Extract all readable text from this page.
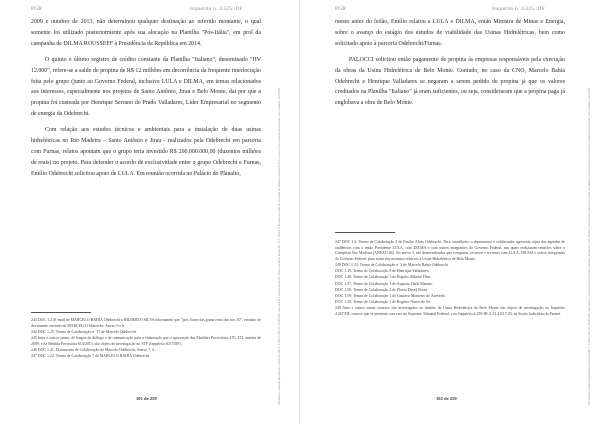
PGR	Inquérito n. 4.325 /DF

2009 e outubro de 2013, não determinou qualquer destinação ao referido montante, o qual somente foi utilizado posteriormente após sua alocação na Planilha "Pós-Itália", em prol da campanha de DILMA ROUSSEFF à Presidência da República em 2014.

O quinto e último registro de crédito constante da Planilha "Italiano", denominado "HV 12.000", refere-se a saldo de propina de R$ 12 milhões em decorrência da frequente interlocução feita pelo grupo (junto ao Governo Federal, inclusive LULA e DILMA, em temas relacionados aos interesses, especialmente nos projetos de Santo Antônio, Jirau e Belo Monte, dai por que a propina foi custeada por Henrique Serrano do Prado Valladares, Líder Empresarial no segmento de energia da Odebrecht.

Com relação aos estudos técnicos e ambientais para a instalação de duas usinas hidrelétricas no Rio Madeira – Santo Antônio e Jirau - realizados pela Odebrecht em parceria com Furnas, relatos apontam que o grupo teria investido R$ 200.000.000,00 (duzentos milhões de reais) no projeto. Para defender o acordo de exclusividade entre o grupo Odebrecht e Furnas, Emílio Odebrecht solicitou apoio de LULA. Em reunião ocorrida no Palácio do Planalto,

243 DOC 1.2 (E-mail de MARCELO BAHIA Odebrecht a HILBERTO SILVA informando que "pois baixe das grana reais dos nos 10", enviado de documento enviado de MARCELO Odebrecht, Anexo 6 e 6.
244 DOC 1.25: Termo de Colaboração nº 17 de Marcelo Odebrecht.
245 Inter e outros sinais, de longos de diálogo e de comunicação para a elaboração que o aprovação das Medidas Provisórias 470, 472, antiáes de 2009, e da Medida Provisória 613/2013, são objeto de investigação no STF (Inquérito 4017/DF).
246 DOC 1.21: Documento de Colaboração de Marcelo Odebrecht, Anexo 7, A.
247 DOC 1.22: Termo de Colaboração 7 de MARCELO BAHIA Odebrecht.
101 de 259	Documento assinado digitalmente conforme MP nº 2.200-2/2001 de 24/08/2001 que institui a Infraestrutura de Chaves Públicas Brasileira - ICP-Brasil. O documento pode ser acessado no endereço eletrônico http://www.stf.jus.br/portal/autenticacao/ sob o número 14232589
PGR	Inquérito n. 4.325 /DF

meses antes do leilão, Emílio relatou a LULA e DILMA, então Ministra de Minas e Energia, sobre o avanço do estágio dos estudos de viabilidade das Usinas Hidrelétricas, bem como solicitado apoio à parceria Odebrecht/Furnas.

PALOCCI solicitou então pagamento de propina às empresas responsáveis pela execução da obras da Usina Hidrelétrica de Belo Monte. Contudo, no caso da CNO, Marcelo Bahia Odebrecht e Henrique Valladares se negaram a serem pedido de propina já que os valores creditados na Planilha "Italiano" já eram suficientes, ou seja, consideraram que a propina paga já englobava a obra de Belo Monte.

247 DOC 1.2: Termo de Colaboração 4 de Emílio Alves Odebrecht. Para conselheiro o depoimento e colaborador apresenta cópia das agendas de audiências com o então Presidente LULA, com DILMA e com outros integrantes do Governo Federal, nas quais realizaram reuniões sobre o Complexo Rio Madeira (ANEXO 04). No anexo 5, são desmembrados que computos, recursos e recursos com LULA, DILMA e outros integrantes do Governo Federal, para tratar dos assuntos relatives à Usina Hidrelétrica de Belo Monte.
248 DOC 1.23: Termo de Colaboração nº 2 de Marcelo Bahia Odebrecht.
DOC 1.19: Termo de Colaboração 8 de Henrique Valladares.
DOC 1.28: Termo de Colaboração 1 de Rogério Ribeiro Dias.
DOC 1.57: Termo de Colaboração 3 de Augusto Dalla Mastrio.
DOC 1.58: Termo de Colaboração 2 de Flavio David Barra.
DOC 1.59: Termo de Colaboração 1 de Gustavo Monteiro do Azevedo.
DOC 1.25: Termo de Colaboração 1 de Rogério Nunes de Sá.
249 Inter e outros sinais conexos são investigados no âmbito da Usina Hidrelétrica de Belo Monte são objeto de investigação no Inquérito 4.267/DF, conexo que se presente com este no Supremo Tribunal Federal, e no Inquérito 4.258-88.A.13.4.04.7.03, na Seção Judiciária do Paraná.
102 de 259	Documento assinado digitalmente conforme MP nº 2.200-2/2001 de 24/08/2001 que institui a Infraestrutura de Chaves Públicas Brasileira - ICP-Brasil. O documento pode ser acessado no endereço eletrônico http://www.stf.jus.br/portal/autenticacao/ sob o número 14232589
